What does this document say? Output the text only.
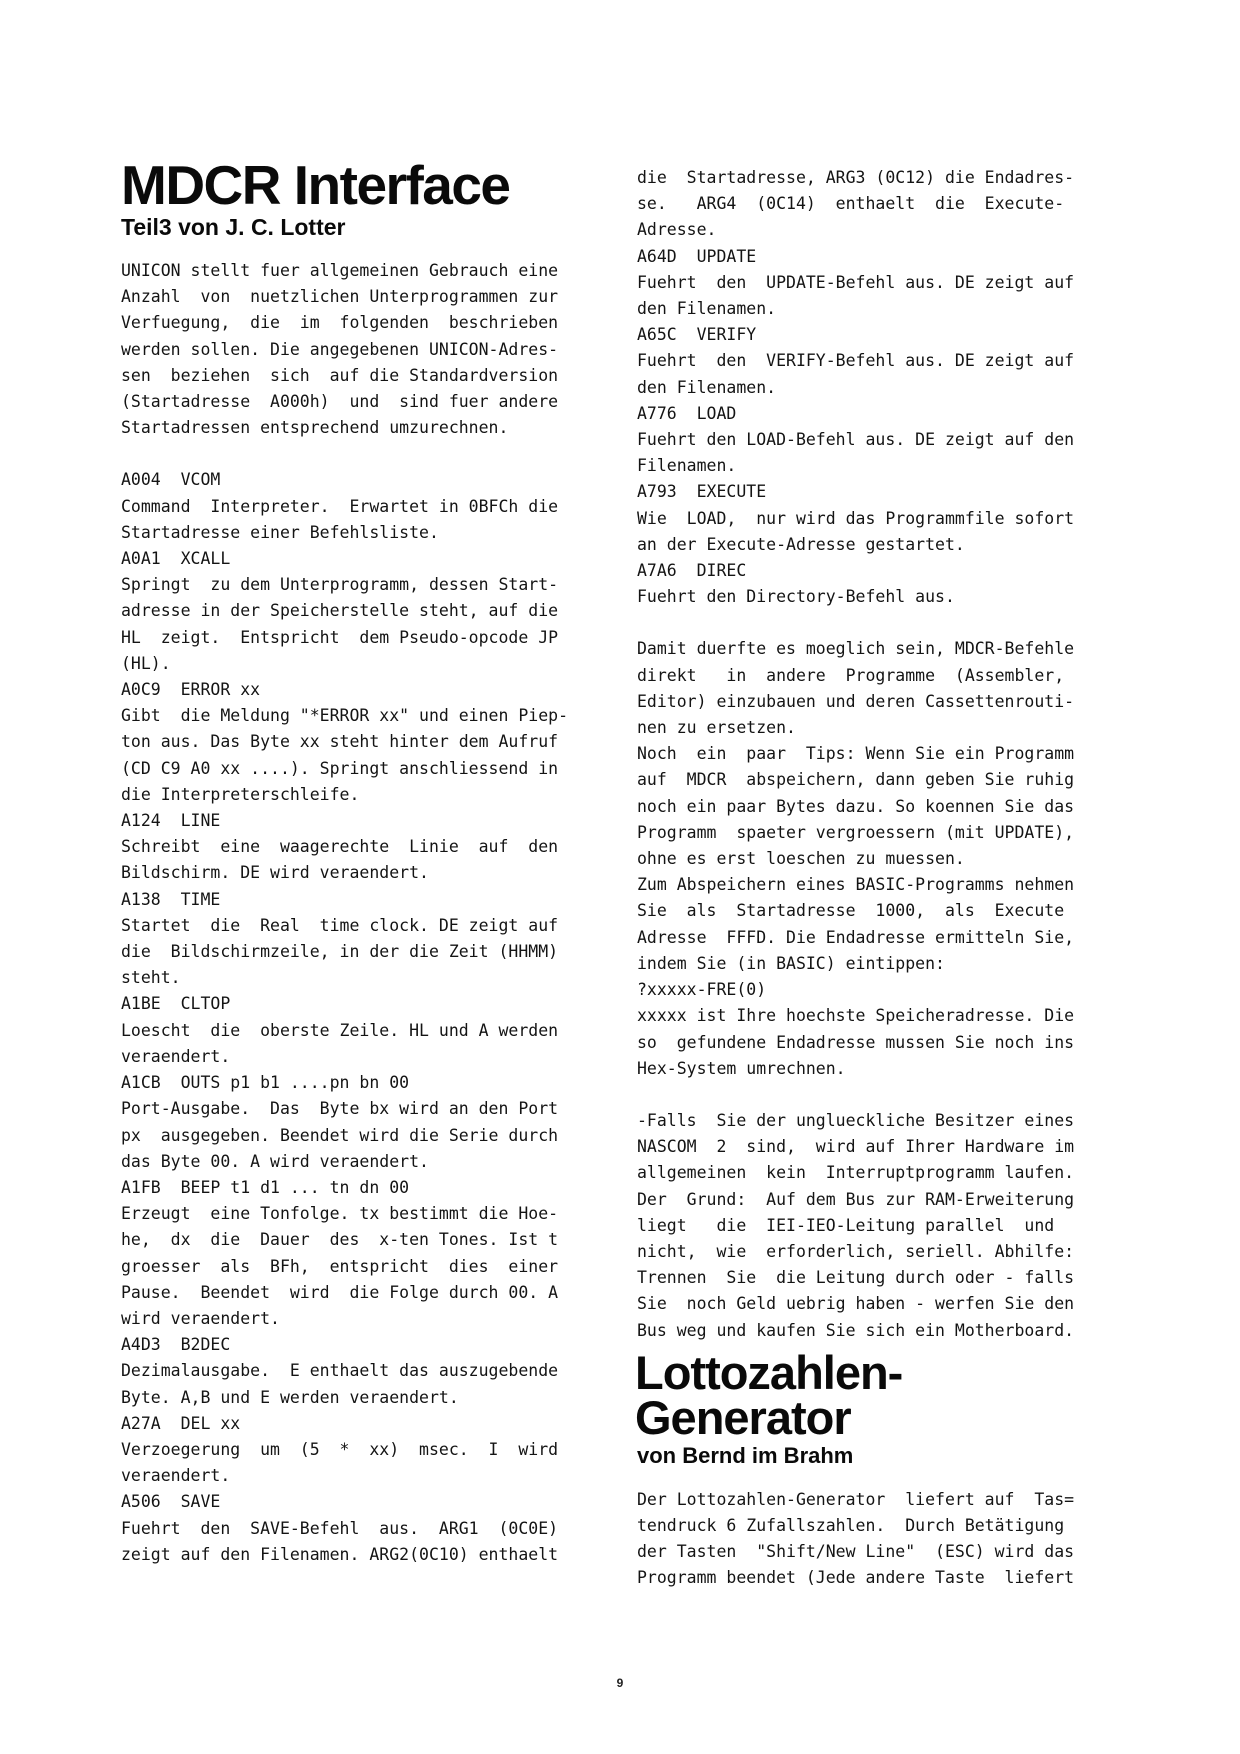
MDCR Interface

Teil3 von J. C. Lotter

UNICON stellt fuer allgemeinen Gebrauch eine
Anzahl  von  nuetzlichen Unterprogrammen zur
Verfuegung,  die  im  folgenden  beschrieben
werden sollen. Die angegebenen UNICON-Adres-
sen  beziehen  sich  auf die Standardversion
(Startadresse  A000h)  und  sind fuer andere
Startadressen entsprechend umzurechnen.

A004  VCOM

Command  Interpreter.  Erwartet in 0BFCh die
Startadresse einer Befehlsliste.

A0A1  XCALL

Springt  zu dem Unterprogramm, dessen Start-
adresse in der Speicherstelle steht, auf die
HL  zeigt.  Entspricht  dem Pseudo-opcode JP
(HL).

A0C9  ERROR xx

Gibt  die Meldung "*ERROR xx" und einen Piep-
ton aus. Das Byte xx steht hinter dem Aufruf
(CD C9 A0 xx ....). Springt anschliessend in
die Interpreterschleife.

A124  LINE

Schreibt  eine  waagerechte  Linie  auf  den
Bildschirm. DE wird veraendert.

A138  TIME

Startet  die  Real  time clock. DE zeigt auf
die  Bildschirmzeile, in der die Zeit (HHMM)
steht.

A1BE  CLTOP

Loescht  die  oberste Zeile. HL und A werden
veraendert.

A1CB  OUTS p1 b1 ....pn bn 00

Port-Ausgabe.  Das  Byte bx wird an den Port
px  ausgegeben. Beendet wird die Serie durch
das Byte 00. A wird veraendert.

A1FB  BEEP t1 d1 ... tn dn 00

Erzeugt  eine Tonfolge. tx bestimmt die Hoe-
he,  dx  die  Dauer  des  x-ten Tones. Ist t
groesser  als  BFh,  entspricht  dies  einer
Pause.  Beendet  wird  die Folge durch 00. A
wird veraendert.

A4D3  B2DEC

Dezimalausgabe.  E enthaelt das auszugebende
Byte. A,B und E werden veraendert.

A27A  DEL xx

Verzoegerung  um  (5  *  xx)  msec.  I  wird
veraendert.

A506  SAVE

Fuehrt  den  SAVE-Befehl  aus.  ARG1  (0C0E)
zeigt auf den Filenamen. ARG2(0C10) enthaelt

die  Startadresse, ARG3 (0C12) die Endadres-
se.   ARG4  (0C14)  enthaelt  die  Execute-
Adresse.

A64D  UPDATE

Fuehrt  den  UPDATE-Befehl aus. DE zeigt auf
den Filenamen.

A65C  VERIFY

Fuehrt  den  VERIFY-Befehl aus. DE zeigt auf
den Filenamen.

A776  LOAD

Fuehrt den LOAD-Befehl aus. DE zeigt auf den
Filenamen.

A793  EXECUTE

Wie  LOAD,  nur wird das Programmfile sofort
an der Execute-Adresse gestartet.

A7A6  DIREC

Fuehrt den Directory-Befehl aus.

Damit duerfte es moeglich sein, MDCR-Befehle
direkt   in  andere  Programme  (Assembler,
Editor) einzubauen und deren Cassettenrouti-
nen zu ersetzen.
Noch  ein  paar  Tips: Wenn Sie ein Programm
auf  MDCR  abspeichern, dann geben Sie ruhig
noch ein paar Bytes dazu. So koennen Sie das
Programm  spaeter vergroessern (mit UPDATE),
ohne es erst loeschen zu muessen.
Zum Abspeichern eines BASIC-Programms nehmen
Sie  als  Startadresse  1000,  als  Execute
Adresse  FFFD. Die Endadresse ermitteln Sie,
indem Sie (in BASIC) eintippen:
?xxxxx-FRE(0)
xxxxx ist Ihre hoechste Speicheradresse. Die
so  gefundene Endadresse mussen Sie noch ins
Hex-System umrechnen.

-Falls  Sie der unglueckliche Besitzer eines
NASCOM  2  sind,  wird auf Ihrer Hardware im
allgemeinen  kein  Interruptprogramm laufen.
Der  Grund:  Auf dem Bus zur RAM-Erweiterung
liegt   die  IEI-IEO-Leitung parallel  und
nicht,  wie  erforderlich, seriell. Abhilfe:
Trennen  Sie  die Leitung durch oder - falls
Sie  noch Geld uebrig haben - werfen Sie den
Bus weg und kaufen Sie sich ein Motherboard.

Lottozahlen-
Generator

von Bernd im Brahm

Der Lottozahlen-Generator  liefert auf  Tas=
tendruck 6 Zufallszahlen.  Durch Betätigung
der Tasten  "Shift/New Line"  (ESC) wird das
Programm beendet (Jede andere Taste  liefert

9
